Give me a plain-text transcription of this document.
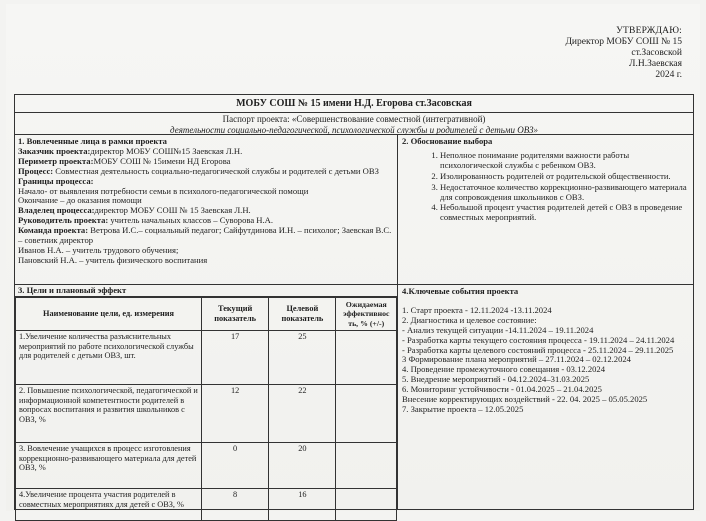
УТВЕРЖДАЮ:
Директор МОБУ СОШ № 15
ст.Засовской
Л.Н.Заевская
2024 г.
МОБУ СОШ № 15 имени Н.Д. Егорова ст.Засовская
Паспорт проекта: «Совершенствование совместной (интегративной)
деятельности социально-педагогической, психологической службы и родителей с детьми ОВЗ»
1. Вовлеченные лица в рамки проекта
Заказчик проекта:директор МОБУ СОШ№15 Заевская Л.Н.
Периметр проекта:МОБУ СОШ № 15имени НД Егорова
Процесс: Совместная деятельность социально-педагогической службы и родителей с детьми ОВЗ
Границы процесса:
Начало- от выявления потребности семьи в психолого-педагогической помощи
Окончание – до оказания помощи
Владелец процесса:директор МОБУ СОШ № 15 Заевская Л.Н.
Руководитель проекта: учитель начальных классов – Суворова Н.А.
Команда проекта: Ветрова И.С.– социальный педагог; Сайфутдинова И.Н. – психолог; Заевская В.С. – советник директор
Иванов Н.А. – учитель трудового обучения;
Пановский Н.А. – учитель физического воспитания
3. Цели и плановый эффект
Наименование цели, ед. измерения	Текущий показатель	Целевой показатель	Ожидаемая эффективнос ть, % (+/-)
1.Увеличение количества разъяснительных мероприятий по работе психологической службы для родителей с детьми ОВЗ, шт.	17	25	
2. Повышение психологической, педагогической и информационной компетентности родителей в вопросах воспитания и развития школьников с ОВЗ, %	12	22	
3. Вовлечение учащихся в процесс изготовления коррекционно-развивающего материала для детей ОВЗ, %	0	20	
4.Увеличение процента участия родителей в совместных мероприятиях для детей с ОВЗ, %	8	16	
2. Обоснование выбора
1. Неполное понимание родителями важности работы психологической службы с ребенком ОВЗ.
2. Изолированность родителей от родительской общественности.
3. Недостаточное количество коррекционно-развивающего материала для сопровождения школьников с ОВЗ.
4. Небольшой процент участия родителей детей с ОВЗ в проведение совместных мероприятий.
4.Ключевые события проекта
1. Старт проекта - 12.11.2024 -13.11.2024
2. Диагностика и целевое состояние:
- Анализ текущей ситуации -14.11.2024 – 19.11.2024
- Разработка карты текущего состояния процесса - 19.11.2024 – 24.11.2024
- Разработка карты целевого состояний процесса - 25.11.2024 – 29.11.2025
3 Формирование плана мероприятий – 27.11.2024 – 02.12.2024
4. Проведение промежуточного совещания - 03.12.2024
5. Внедрение мероприятий - 04.12.2024–31.03.2025
6. Мониторинг устойчивости - 01.04.2025 – 21.04.2025
Внесение корректирующих воздействий - 22. 04. 2025 – 05.05.2025
7. Закрытие проекта – 12.05.2025
